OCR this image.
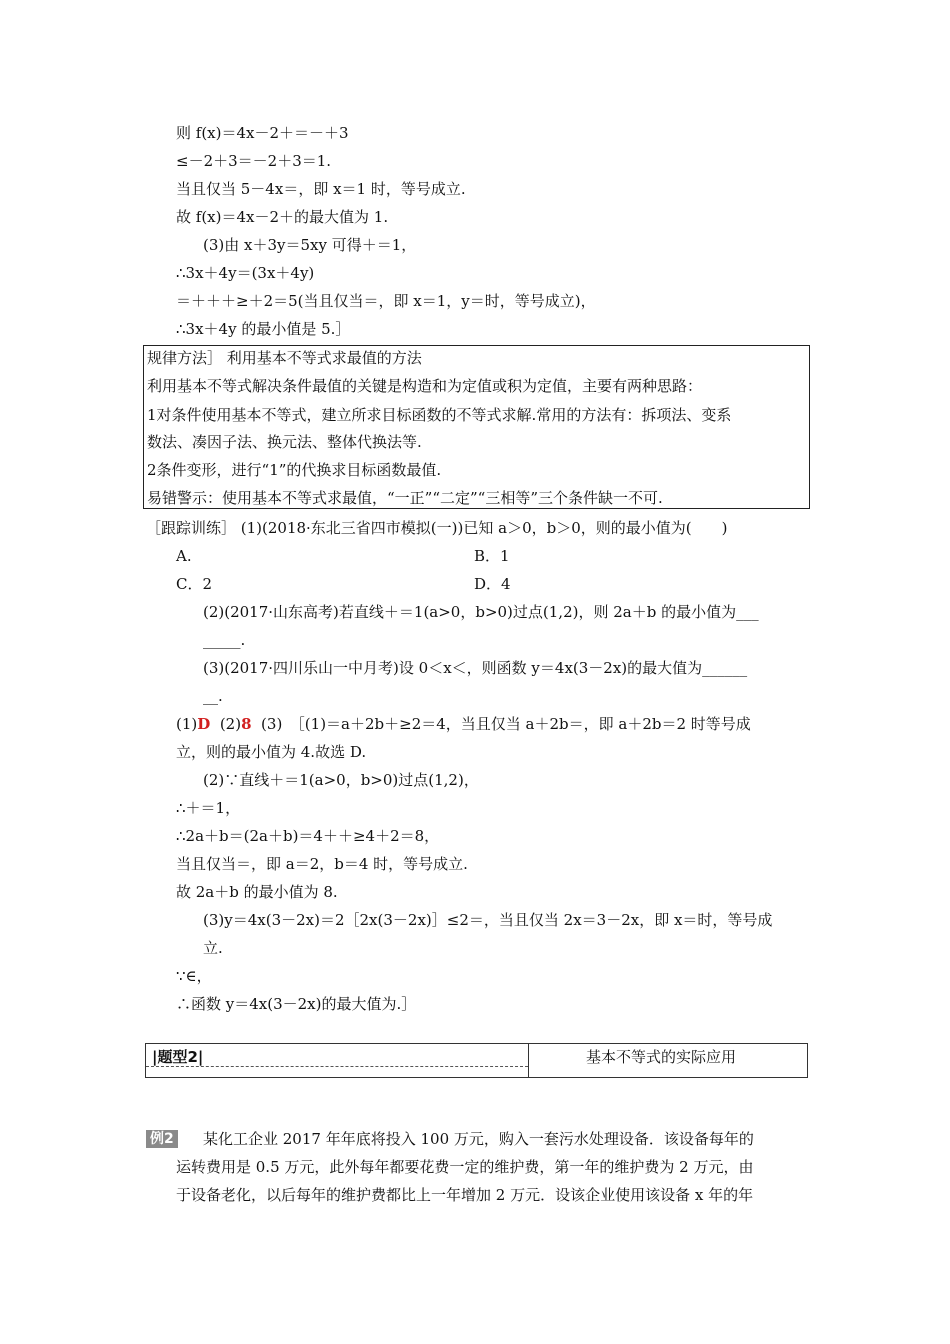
则 f(x)＝4x－2＋＝－＋3
≤－2＋3＝－2＋3＝1.
当且仅当 5－4x＝，即 x＝1 时，等号成立.
故 f(x)＝4x－2＋的最大值为 1.
(3)由 x＋3y＝5xy 可得＋＝1，
∴3x＋4y＝(3x＋4y)
＝＋＋＋≥＋2＝5(当且仅当＝，即 x＝1，y＝时，等号成立)，
∴3x＋4y 的最小值是 5.］
规律方法］ 利用基本不等式求最值的方法
利用基本不等式解决条件最值的关键是构造和为定值或积为定值，主要有两种思路：
1对条件使用基本不等式，建立所求目标函数的不等式求解.常用的方法有：拆项法、变系
数法、凑因子法、换元法、整体代换法等.
2条件变形，进行“1”的代换求目标函数最值.
易错警示：使用基本不等式求最值，“一正”“二定”“三相等”三个条件缺一不可.
［跟踪训练］ (1)(2018·东北三省四市模拟(一))已知 a＞0，b＞0，则的最小值为(　　)
A.	B．1
C．2	D．4
(2)(2017·山东高考)若直线＋＝1(a>0，b>0)过点(1,2)，则 2a＋b 的最小值为___
_____.
(3)(2017·四川乐山一中月考)设 0＜x＜，则函数 y＝4x(3－2x)的最大值为______
__.
(1)D (2)8 (3)　［(1)＝a＋2b＋≥2＝4，当且仅当 a＋2b＝，即 a＋2b＝2 时等号成
立，则的最小值为 4.故选 D.
(2)∵直线＋＝1(a>0，b>0)过点(1,2)，
∴＋＝1，
∴2a＋b＝(2a＋b)＝4＋＋≥4＋2＝8，
当且仅当＝，即 a＝2，b＝4 时，等号成立.
故 2a＋b 的最小值为 8.
(3)y＝4x(3－2x)＝2［2x(3－2x)］≤2＝，当且仅当 2x＝3－2x，即 x＝时，等号成
立.
∵∈，
∴函数 y＝4x(3－2x)的最大值为.］
|题型2|	基本不等式的实际应用
例2 某化工企业 2017 年年底将投入 100 万元，购入一套污水处理设备．该设备每年的
运转费用是 0.5 万元，此外每年都要花费一定的维护费，第一年的维护费为 2 万元，由
于设备老化，以后每年的维护费都比上一年增加 2 万元．设该企业使用该设备 x 年的年
